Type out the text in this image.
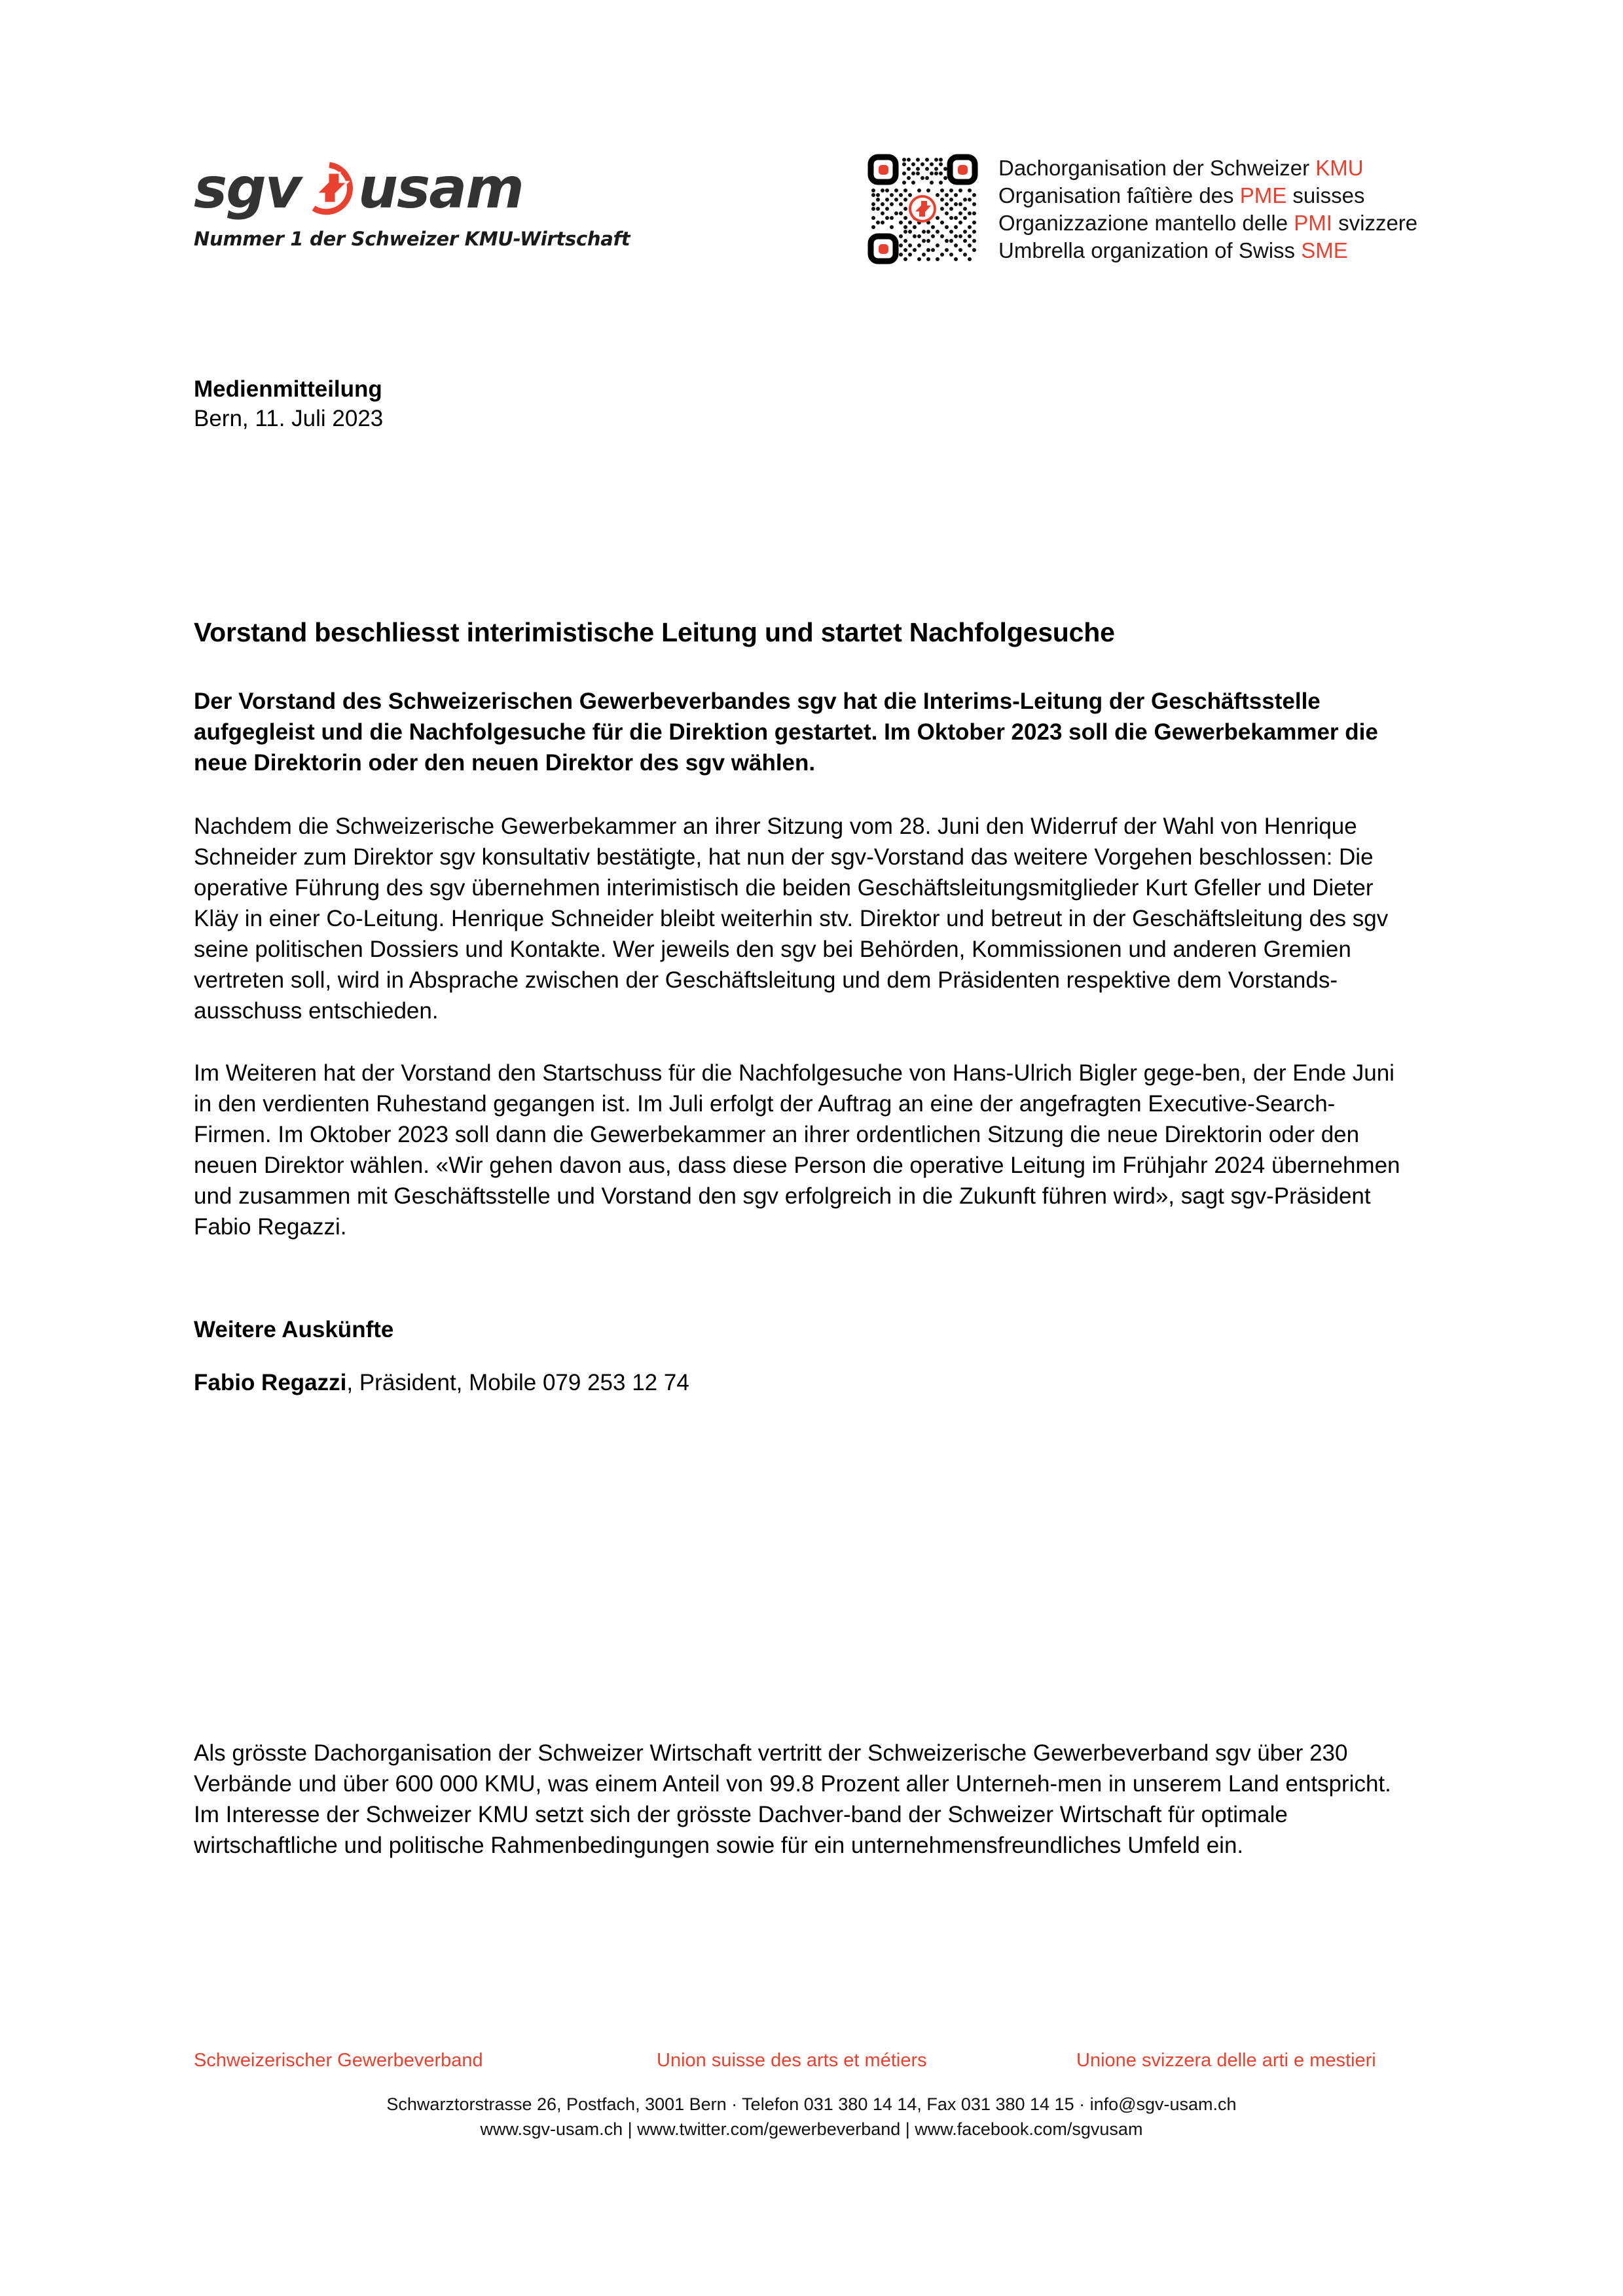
sgv usam
Nummer 1 der Schweizer KMU-Wirtschaft
Dachorganisation der Schweizer KMU
Organisation faîtière des PME suisses
Organizzazione mantello delle PMI svizzere
Umbrella organization of Swiss SME
Medienmitteilung
Bern, 11. Juli 2023
Vorstand beschliesst interimistische Leitung und startet Nachfolgesuche

Der Vorstand des Schweizerischen Gewerbeverbandes sgv hat die Interims-Leitung der Geschäftsstelle aufgegleist und die Nachfolgesuche für die Direktion gestartet. Im Oktober 2023 soll die Gewerbekammer die neue Direktorin oder den neuen Direktor des sgv wählen.

Nachdem die Schweizerische Gewerbekammer an ihrer Sitzung vom 28. Juni den Widerruf der Wahl von Henrique Schneider zum Direktor sgv konsultativ bestätigte, hat nun der sgv-Vorstand das weitere Vorgehen beschlossen: Die operative Führung des sgv übernehmen interimistisch die beiden Geschäftsleitungsmitglieder Kurt Gfeller und Dieter Kläy in einer Co-Leitung. Henrique Schneider bleibt weiterhin stv. Direktor und betreut in der Geschäftsleitung des sgv seine politischen Dossiers und Kontakte. Wer jeweils den sgv bei Behörden, Kommissionen und anderen Gremien vertreten soll, wird in Absprache zwischen der Geschäftsleitung und dem Präsidenten respektive dem Vorstands-ausschuss entschieden.

Im Weiteren hat der Vorstand den Startschuss für die Nachfolgesuche von Hans-Ulrich Bigler gege-ben, der Ende Juni in den verdienten Ruhestand gegangen ist. Im Juli erfolgt der Auftrag an eine der angefragten Executive-Search-Firmen. Im Oktober 2023 soll dann die Gewerbekammer an ihrer ordentlichen Sitzung die neue Direktorin oder den neuen Direktor wählen. «Wir gehen davon aus, dass diese Person die operative Leitung im Frühjahr 2024 übernehmen und zusammen mit Geschäftsstelle und Vorstand den sgv erfolgreich in die Zukunft führen wird», sagt sgv-Präsident Fabio Regazzi.

Weitere Auskünfte
Fabio Regazzi, Präsident, Mobile 079 253 12 74
Als grösste Dachorganisation der Schweizer Wirtschaft vertritt der Schweizerische Gewerbeverband sgv über 230 Verbände und über 600 000 KMU, was einem Anteil von 99.8 Prozent aller Unterneh-men in unserem Land entspricht. Im Interesse der Schweizer KMU setzt sich der grösste Dachver-band der Schweizer Wirtschaft für optimale wirtschaftliche und politische Rahmenbedingungen sowie für ein unternehmensfreundliches Umfeld ein.
Schweizerischer Gewerbeverband	Union suisse des arts et métiers	Unione svizzera delle arti e mestieri
Schwarztorstrasse 26, Postfach, 3001 Bern · Telefon 031 380 14 14, Fax 031 380 14 15 · info@sgv-usam.ch
www.sgv-usam.ch | www.twitter.com/gewerbeverband | www.facebook.com/sgvusam
